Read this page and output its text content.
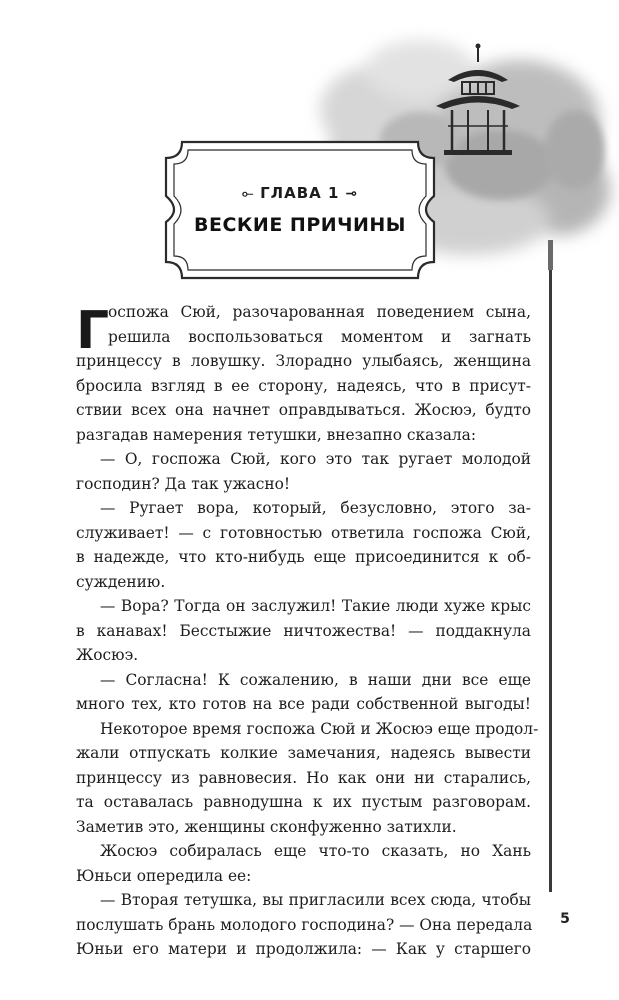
⟜ ГЛАВА 1 ⊸
ВЕСКИЕ ПРИЧИНЫ
Г
оспожа Сюй, разочарованная поведением сына,
решила воспользоваться моментом и загнать
принцессу в ловушку. Злорадно улыбаясь, женщина
бросила взгляд в ее сторону, надеясь, что в присут-
ствии всех она начнет оправдываться. Жосюэ, будто
разгадав намерения тетушки, внезапно сказала:
— О, госпожа Сюй, кого это так ругает молодой
господин? Да так ужасно!
— Ругает вора, который, безусловно, этого за-
служивает! — с готовностью ответила госпожа Сюй,
в надежде, что кто-нибудь еще присоединится к об-
суждению.
— Вора? Тогда он заслужил! Такие люди хуже крыс
в канавах! Бесстыжие ничтожества! — поддакнула
Жосюэ.
— Согласна! К сожалению, в наши дни все еще
много тех, кто готов на все ради собственной выгоды!
Некоторое время госпожа Сюй и Жосюэ еще продол-
жали отпускать колкие замечания, надеясь вывести
принцессу из равновесия. Но как они ни старались,
та оставалась равнодушна к их пустым разговорам.
Заметив это, женщины сконфуженно затихли.
Жосюэ собиралась еще что-то сказать, но Хань
Юньси опередила ее:
— Вторая тетушка, вы пригласили всех сюда, чтобы
послушать брань молодого господина? — Она передала
Юньи его матери и продолжила: — Как у старшего
5
